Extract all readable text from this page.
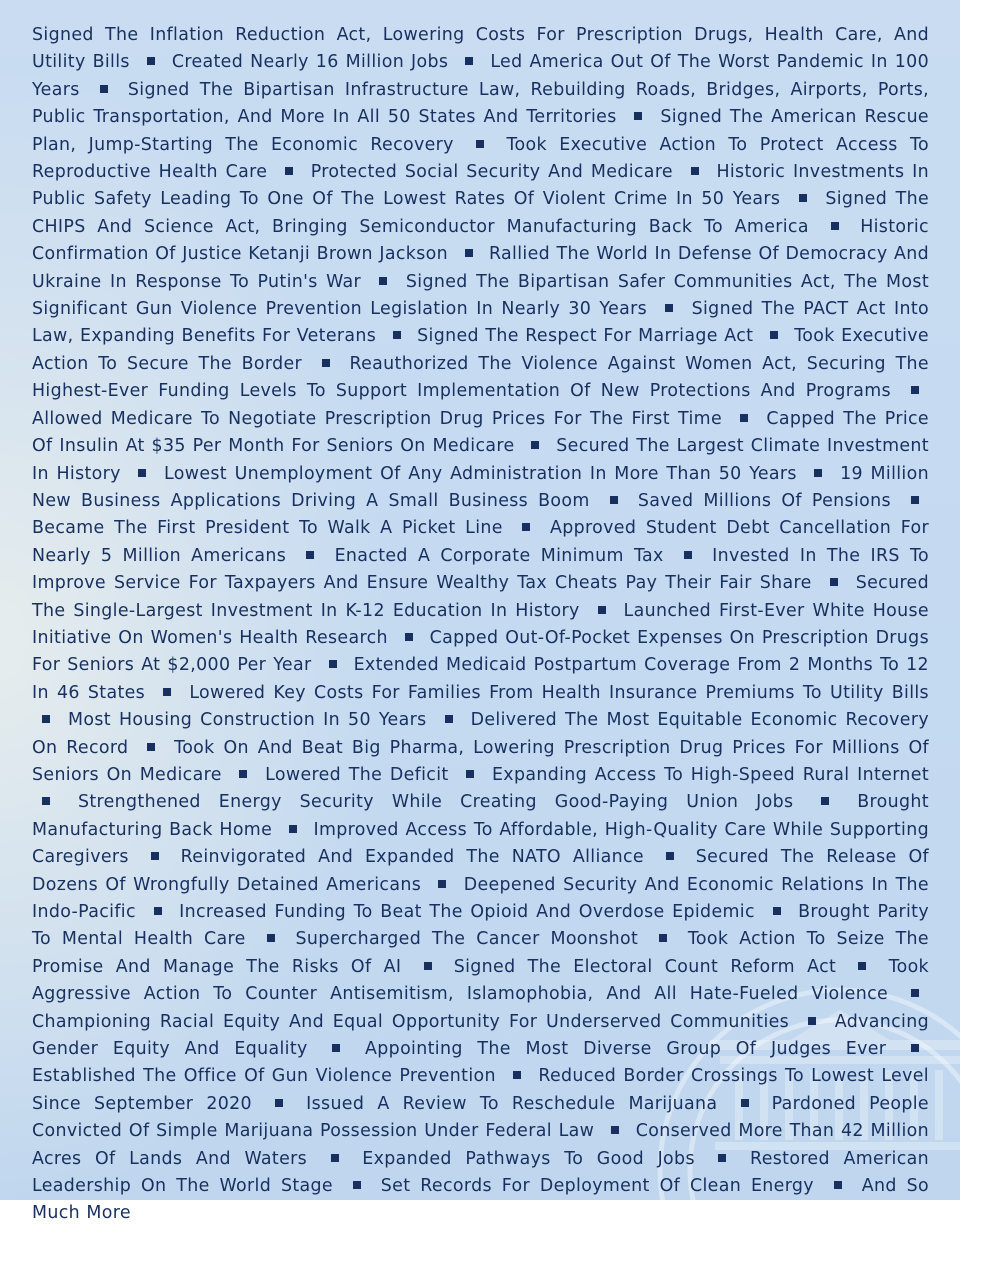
Signed The Inflation Reduction Act, Lowering Costs For Prescription Drugs, Health Care, And Utility Bills Created Nearly 16 Million Jobs Led America Out Of The Worst Pandemic In 100 Years	Signed The Bipartisan Infrastructure Law, Rebuilding Roads, Bridges, Airports, Ports, Public Transportation, And More In All 50 States And Territories	Signed The American Rescue Plan, Jump-Starting The Economic Recovery	Took Executive Action To Protect Access To Reproductive Health Care Protected Social Security And Medicare Historic Investments In Public Safety Leading To One Of The Lowest Rates Of Violent Crime In 50 Years	Signed The CHIPS And Science Act, Bringing Semiconductor Manufacturing Back To America	Historic Confirmation Of Justice Ketanji Brown Jackson Rallied The World In Defense Of Democracy And Ukraine In Response To Putin's War	Signed The Bipartisan Safer Communities Act, The Most Significant Gun Violence Prevention Legislation In Nearly 30 Years	Signed The PACT Act Into Law, Expanding Benefits For Veterans Signed The Respect For Marriage Act Took Executive Action To Secure The Border	Reauthorized The Violence Against Women Act, Securing The Highest-Ever Funding Levels To Support Implementation Of New Protections And Programs  Allowed Medicare To Negotiate Prescription Drug Prices For The First Time	Capped The Price Of Insulin At $35 Per Month For Seniors On Medicare Secured The Largest Climate Investment In History Lowest Unemployment Of Any Administration In More Than 50 Years 19 Million New Business Applications Driving A Small Business Boom	Saved Millions Of Pensions  Became The First President To Walk A Picket Line	Approved Student Debt Cancellation For Nearly 5 Million Americans	Enacted A Corporate Minimum Tax	Invested In The IRS To Improve Service For Taxpayers And Ensure Wealthy Tax Cheats Pay Their Fair Share	Secured The Single-Largest Investment In K-12 Education In History	Launched First-Ever White House Initiative On Women's Health Research Capped Out-Of-Pocket Expenses On Prescription Drugs For Seniors At $2,000 Per Year Extended Medicaid Postpartum Coverage From 2 Months To 12 In 46 States	Lowered Key Costs For Families From Health Insurance Premiums To Utility Bills  Most Housing Construction In 50 Years	Delivered The Most Equitable Economic Recovery On Record	Took On And Beat Big Pharma, Lowering Prescription Drug Prices For Millions Of Seniors On Medicare Lowered The Deficit Expanding Access To High-Speed Rural Internet  Strengthened Energy Security While Creating Good-Paying Union Jobs	Brought Manufacturing Back Home Improved Access To Affordable, High-Quality Care While Supporting Caregivers	Reinvigorated And Expanded The NATO Alliance	Secured The Release Of Dozens Of Wrongfully Detained Americans Deepened Security And Economic Relations In The Indo-Pacific Increased Funding To Beat The Opioid And Overdose Epidemic Brought Parity To Mental Health Care	Supercharged The Cancer Moonshot	Took Action To Seize The Promise And Manage The Risks Of AI	Signed The Electoral Count Reform Act	Took Aggressive Action To Counter Antisemitism, Islamophobia, And All Hate-Fueled Violence  Championing Racial Equity And Equal Opportunity For Underserved Communities	Advancing Gender Equity And Equality	Appointing The Most Diverse Group Of Judges Ever  Established The Office Of Gun Violence Prevention Reduced Border Crossings To Lowest Level Since September 2020	Issued A Review To Reschedule Marijuana	Pardoned People Convicted Of Simple Marijuana Possession Under Federal Law Conserved More Than 42 Million Acres Of Lands And Waters	Expanded Pathways To Good Jobs	Restored American Leadership On The World Stage	Set Records For Deployment Of Clean Energy	And So Much More
